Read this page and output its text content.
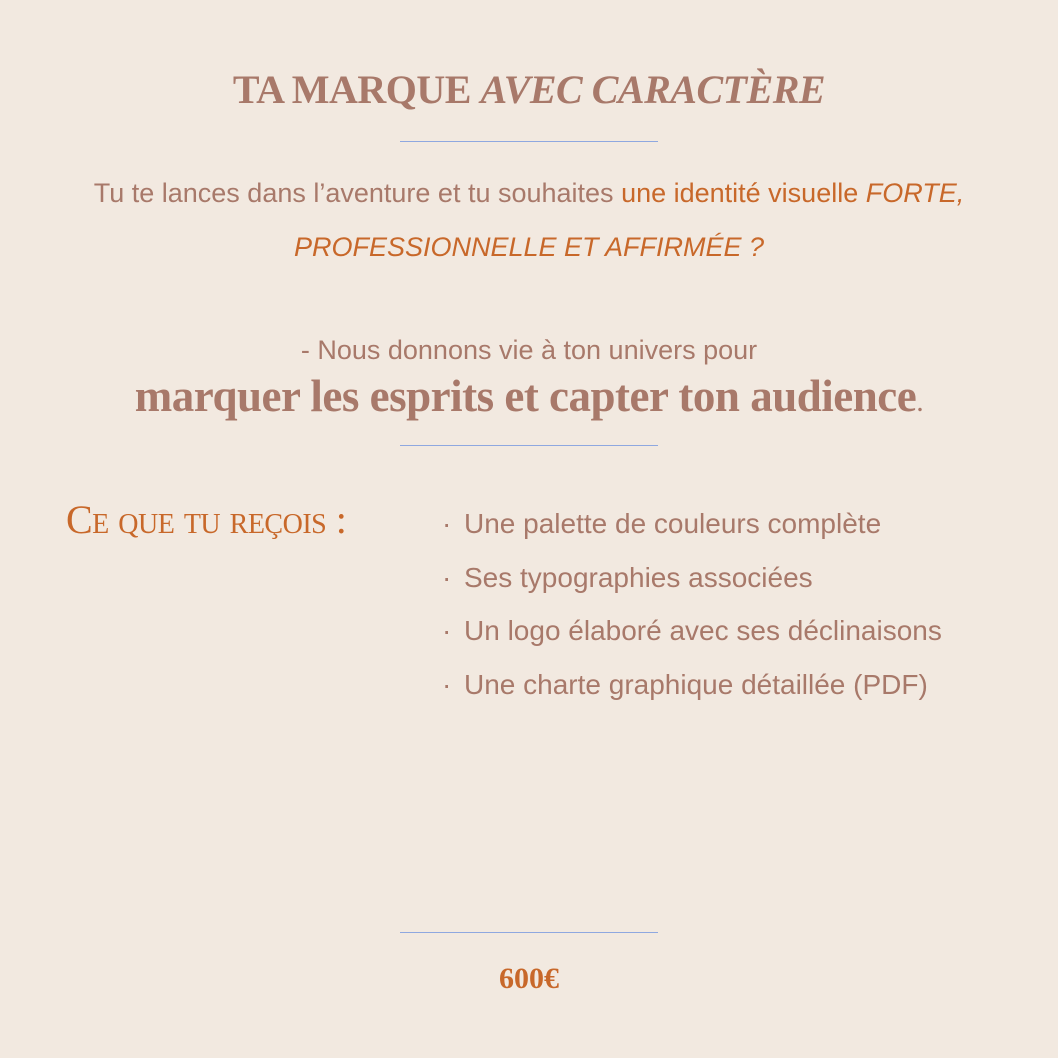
TA MARQUE AVEC CARACTÈRE
Tu te lances dans l’aventure et tu souhaites une identité visuelle FORTE, PROFESSIONNELLE ET AFFIRMÉE ?
- Nous donnons vie à ton univers pour
marquer les esprits et capter ton audience.
Ce que tu reçois :
·	Une palette de couleurs complète
· Ses typographies associées
· Un logo élaboré avec ses déclinaisons
· Une charte graphique détaillée (PDF)
600€
